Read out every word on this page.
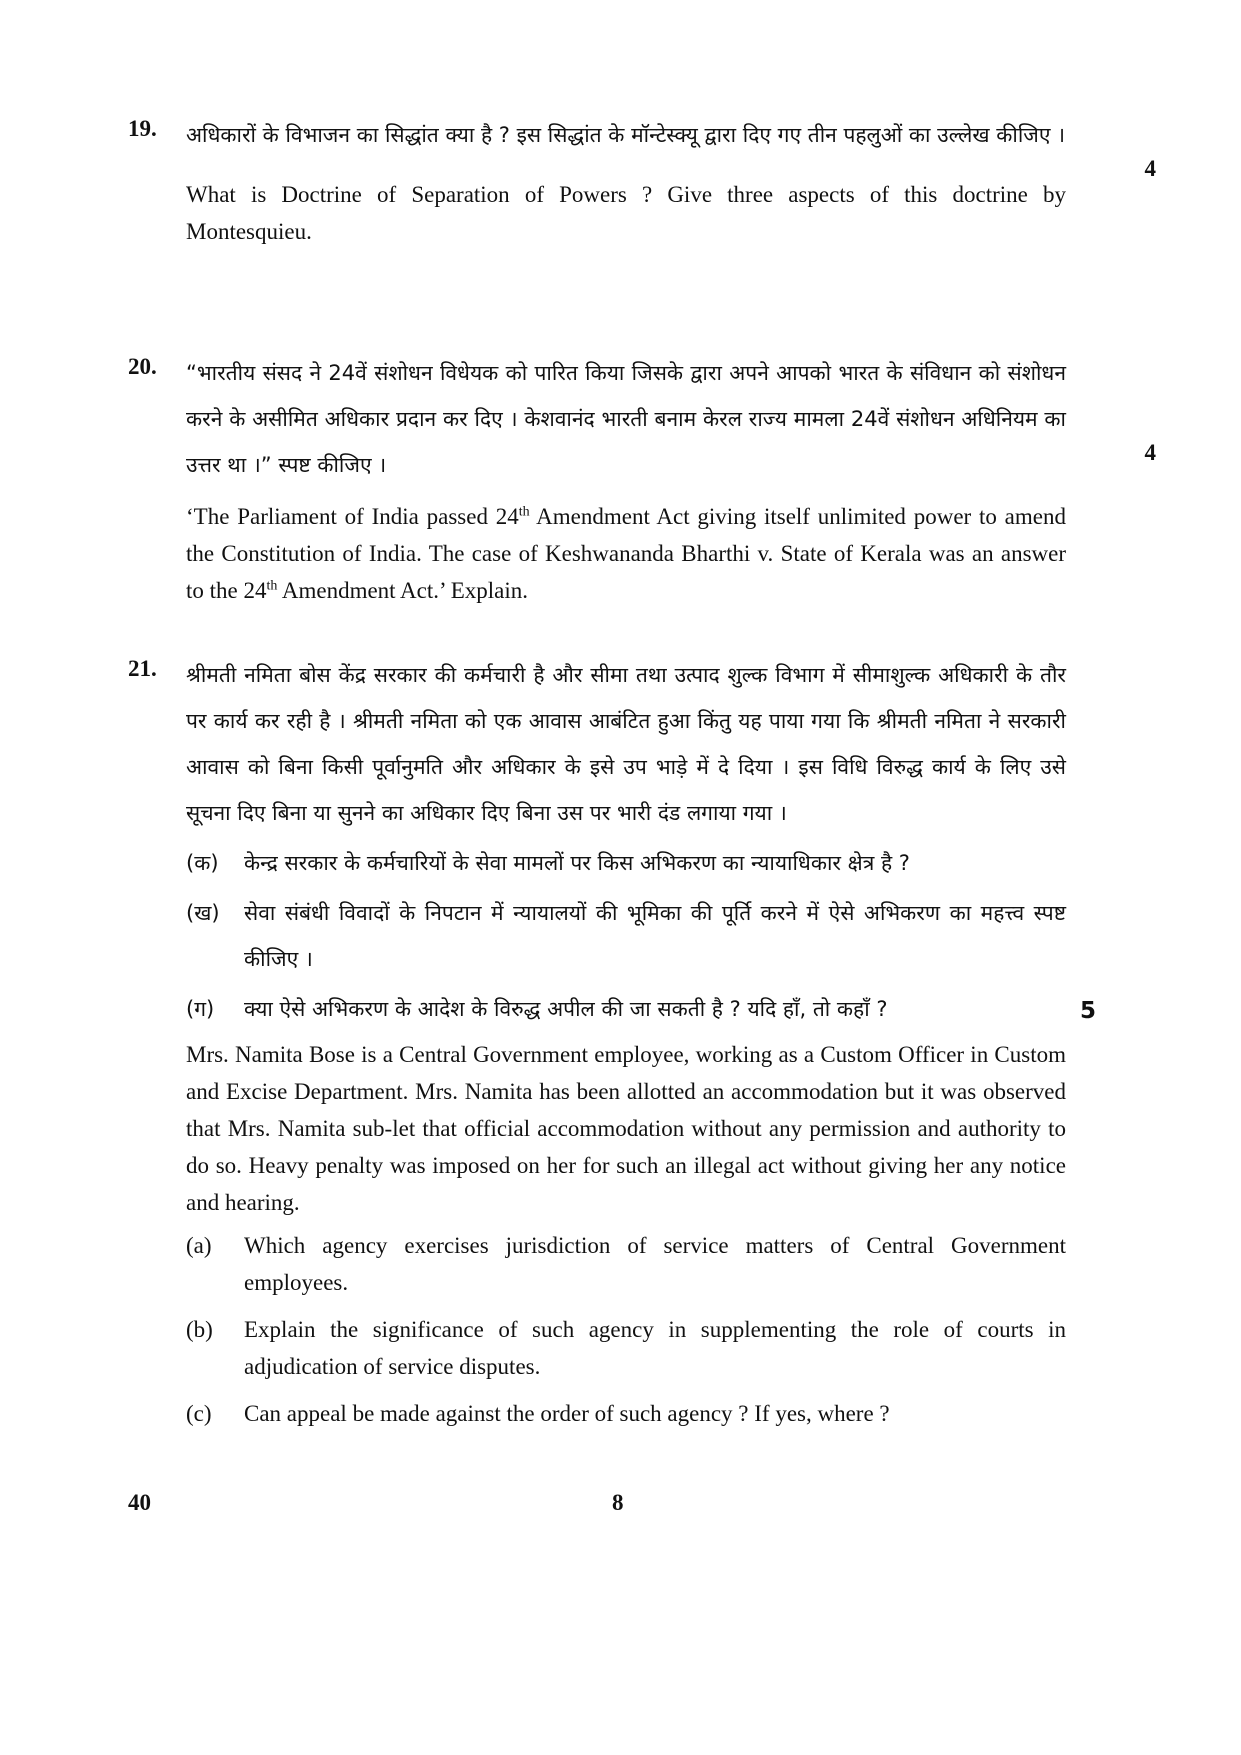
19. अधिकारों के विभाजन का सिद्धांत क्या है ? इस सिद्धांत के मॉन्टेस्क्यू द्वारा दिए गए तीन पहलुओं का उल्लेख कीजिए ।

4

What is Doctrine of Separation of Powers ? Give three aspects of this doctrine by Montesquieu.

20. “भारतीय संसद ने 24वें संशोधन विधेयक को पारित किया जिसके द्वारा अपने आपको भारत के संविधान को संशोधन करने के असीमित अधिकार प्रदान कर दिए । केशवानंद भारती बनाम केरल राज्य मामला 24वें संशोधन अधिनियम का उत्तर था ।” स्पष्ट कीजिए ।	4

‘The Parliament of India passed 24th Amendment Act giving itself unlimited power to amend the Constitution of India. The case of Keshwananda Bharthi v. State of Kerala was an answer to the 24th Amendment Act.’ Explain.

21. श्रीमती नमिता बोस केंद्र सरकार की कर्मचारी है और सीमा तथा उत्पाद शुल्क विभाग में सीमाशुल्क अधिकारी के तौर पर कार्य कर रही है । श्रीमती नमिता को एक आवास आबंटित हुआ किंतु यह पाया गया कि श्रीमती नमिता ने सरकारी आवास को बिना किसी पूर्वानुमति और अधिकार के इसे उप भाड़े में दे दिया । इस विधि विरुद्ध कार्य के लिए उसे सूचना दिए बिना या सुनने का अधिकार दिए बिना उस पर भारी दंड लगाया गया ।

(क)	केन्द्र सरकार के कर्मचारियों के सेवा मामलों पर किस अभिकरण का न्यायाधिकार क्षेत्र है ?
(ख)	सेवा संबंधी विवादों के निपटान में न्यायालयों की भूमिका की पूर्ति करने में ऐसे अभिकरण का महत्त्व स्पष्ट कीजिए ।
(ग)	क्या ऐसे अभिकरण के आदेश के विरुद्ध अपील की जा सकती है ? यदि हाँ, तो कहाँ ?	5

Mrs. Namita Bose is a Central Government employee, working as a Custom Officer in Custom and Excise Department. Mrs. Namita has been allotted an accommodation but it was observed that Mrs. Namita sub-let that official accommodation without any permission and authority to do so. Heavy penalty was imposed on her for such an illegal act without giving her any notice and hearing.

(a)	Which agency exercises jurisdiction of service matters of Central Government employees.
(b)	Explain the significance of such agency in supplementing the role of courts in adjudication of service disputes.
(c)	Can appeal be made against the order of such agency ? If yes, where ?
40	8
